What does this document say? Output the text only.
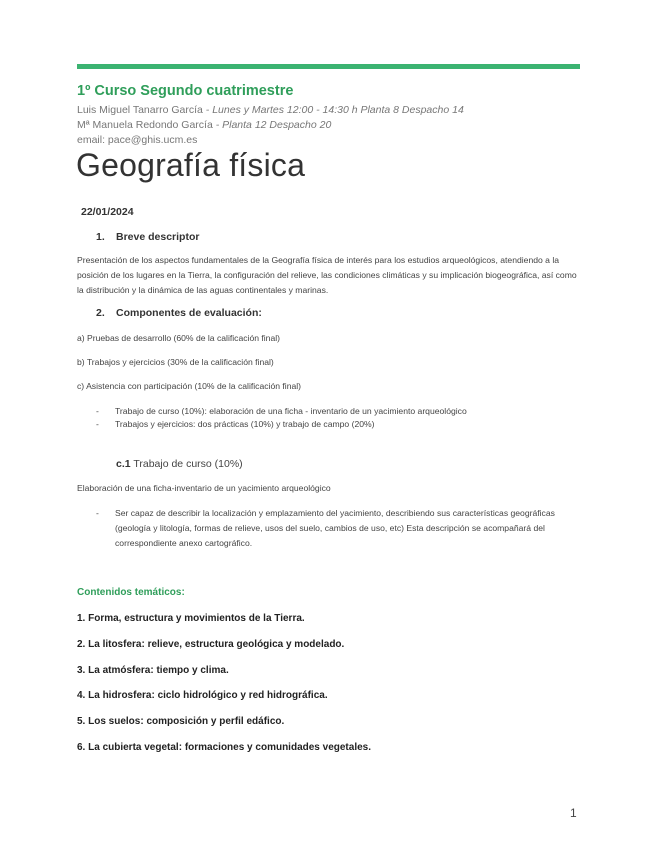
1º Curso Segundo cuatrimestre
Luis Miguel Tanarro García - Lunes y Martes 12:00 - 14:30 h Planta 8 Despacho 14
Mª Manuela Redondo García - Planta 12 Despacho 20
email: pace@ghis.ucm.es
Geografía física
22/01/2024
1. Breve descriptor
Presentación de los aspectos fundamentales de la Geografía física de interés para los estudios arqueológicos, atendiendo a la posición de los lugares en la Tierra, la configuración del relieve, las condiciones climáticas y su implicación biogeográfica, así como la distribución y la dinámica de las aguas continentales y marinas.
2. Componentes de evaluación:
a) Pruebas de desarrollo (60% de la calificación final)
b) Trabajos y ejercicios (30% de la calificación final)
c) Asistencia con participación (10% de la calificación final)
- Trabajo de curso (10%): elaboración de una ficha - inventario de un yacimiento arqueológico
- Trabajos y ejercicios: dos prácticas (10%) y trabajo de campo (20%)
c.1 Trabajo de curso (10%)
Elaboración de una ficha-inventario de un yacimiento arqueológico
- Ser capaz de describir la localización y emplazamiento del yacimiento, describiendo sus características geográficas (geología y litología, formas de relieve, usos del suelo, cambios de uso, etc) Esta descripción se acompañará del correspondiente anexo cartográfico.
Contenidos temáticos:
1. Forma, estructura y movimientos de la Tierra.
2. La litosfera: relieve, estructura geológica y modelado.
3. La atmósfera: tiempo y clima.
4. La hidrosfera: ciclo hidrológico y red hidrográfica.
5. Los suelos: composición y perfil edáfico.
6. La cubierta vegetal: formaciones y comunidades vegetales.
1
